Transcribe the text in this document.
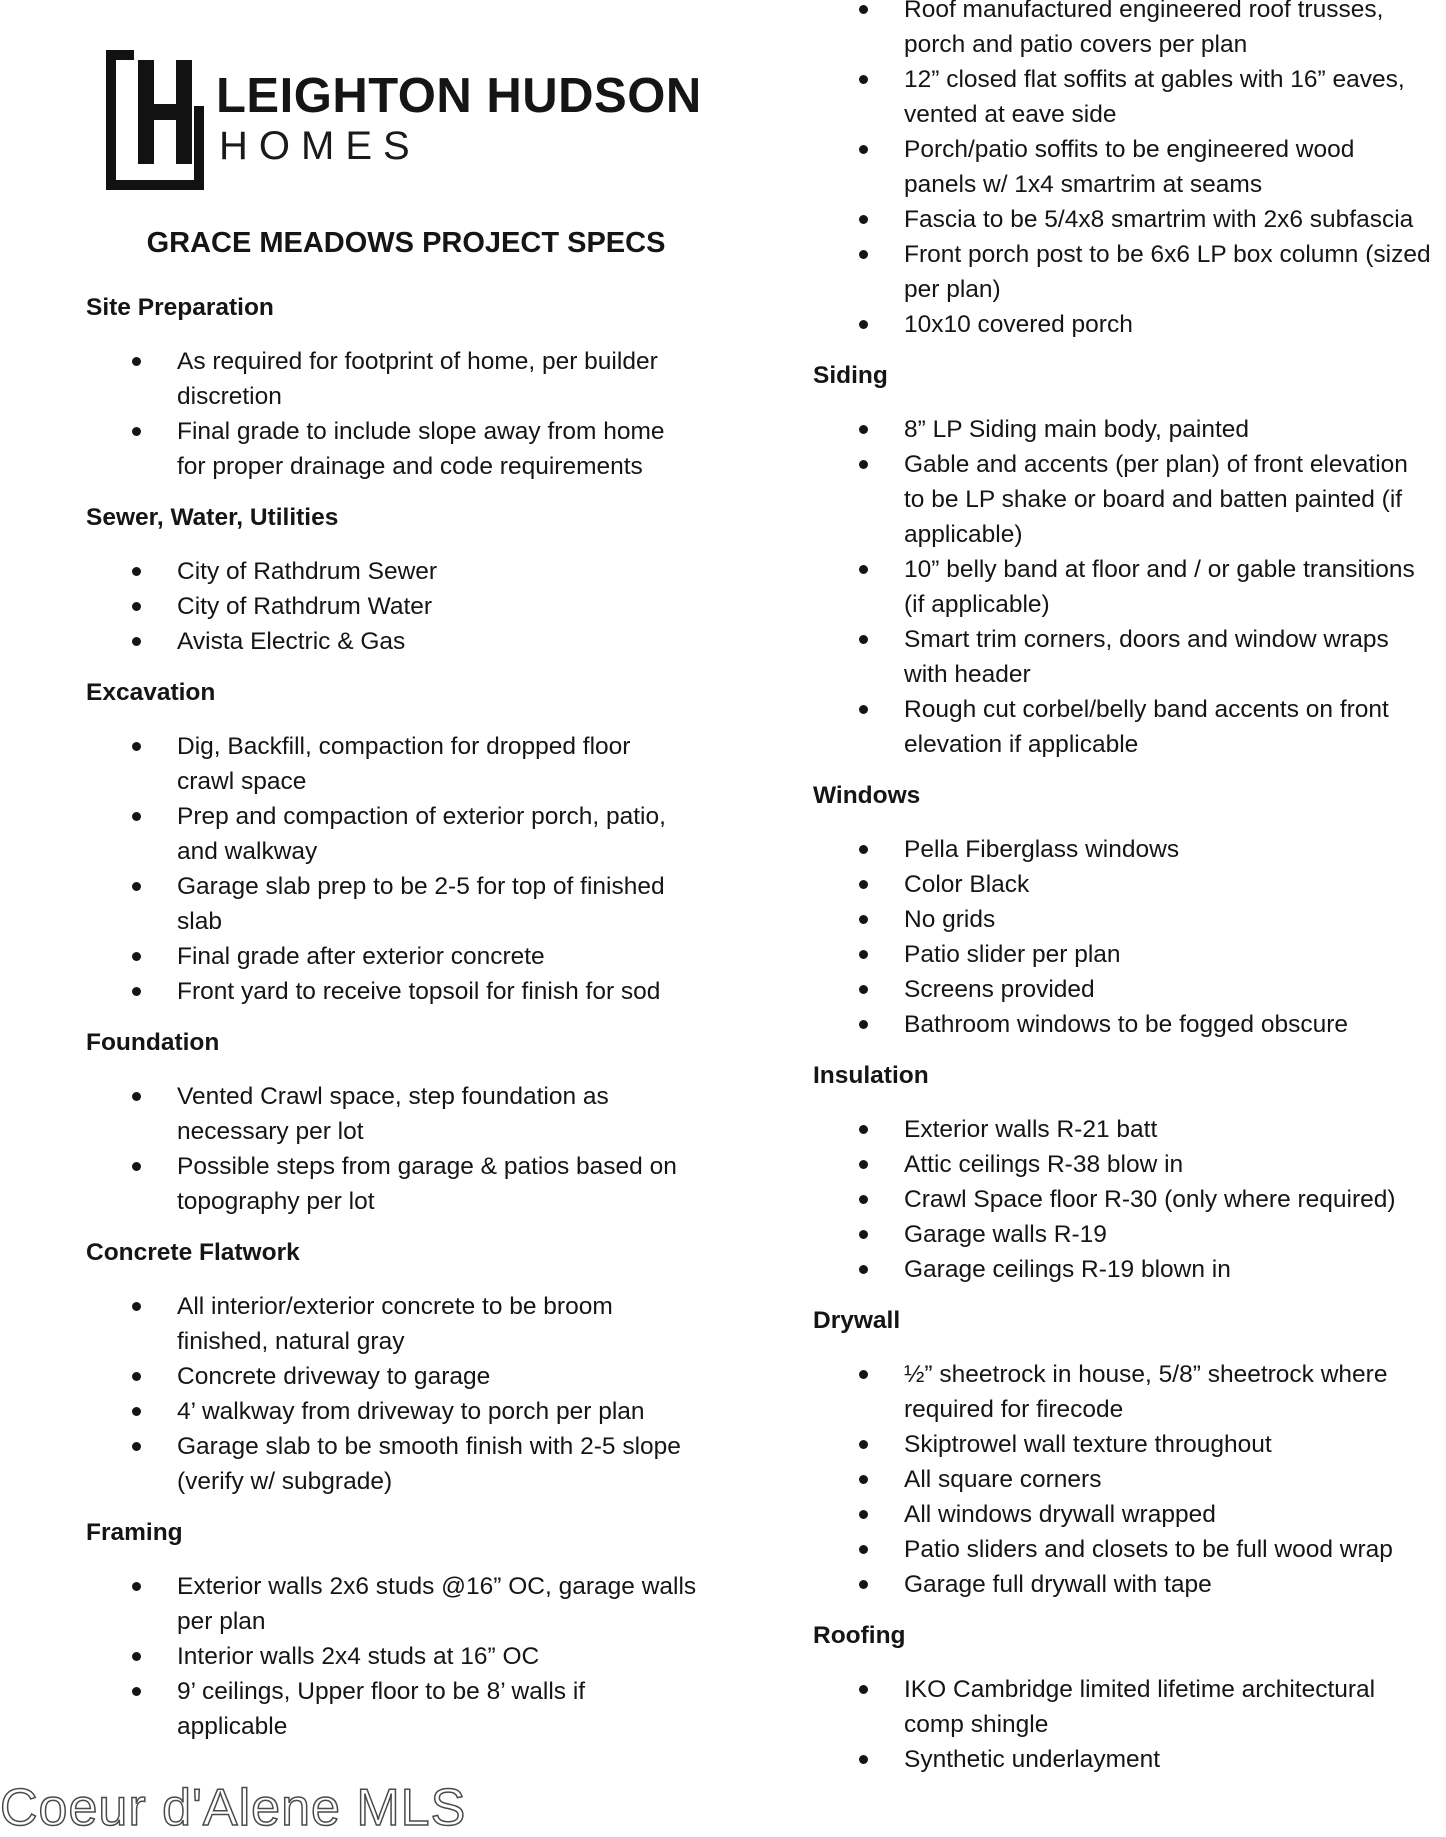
LEIGHTON HUDSON
HOMES
GRACE MEADOWS PROJECT SPECS
Site Preparation
As required for footprint of home, per builder
discretion
Final grade to include slope away from home
for proper drainage and code requirements
Sewer, Water, Utilities
City of Rathdrum Sewer
City of Rathdrum Water
Avista Electric & Gas
Excavation
Dig, Backfill, compaction for dropped floor
crawl space
Prep and compaction of exterior porch, patio,
and walkway
Garage slab prep to be 2-5 for top of finished
slab
Final grade after exterior concrete
Front yard to receive topsoil for finish for sod
Foundation
Vented Crawl space, step foundation as
necessary per lot
Possible steps from garage & patios based on
topography per lot
Concrete Flatwork
All interior/exterior concrete to be broom
finished, natural gray
Concrete driveway to garage
4’ walkway from driveway to porch per plan
Garage slab to be smooth finish with 2-5 slope
(verify w/ subgrade)
Framing
Exterior walls 2x6 studs @16” OC, garage walls
per plan
Interior walls 2x4 studs at 16” OC
9’ ceilings, Upper floor to be 8’ walls if
applicable
Roof manufactured engineered roof trusses,
porch and patio covers per plan
12” closed flat soffits at gables with 16” eaves,
vented at eave side
Porch/patio soffits to be engineered wood
panels w/ 1x4 smartrim at seams
Fascia to be 5/4x8 smartrim with 2x6 subfascia
Front porch post to be 6x6 LP box column (sized
per plan)
10x10 covered porch
Siding
8” LP Siding main body, painted
Gable and accents (per plan) of front elevation
to be LP shake or board and batten painted (if
applicable)
10” belly band at floor and / or gable transitions
(if applicable)
Smart trim corners, doors and window wraps
with header
Rough cut corbel/belly band accents on front
elevation if applicable
Windows
Pella Fiberglass windows
Color Black
No grids
Patio slider per plan
Screens provided
Bathroom windows to be fogged obscure
Insulation
Exterior walls R-21 batt
Attic ceilings R-38 blow in
Crawl Space floor R-30 (only where required)
Garage walls R-19
Garage ceilings R-19 blown in
Drywall
½” sheetrock in house, 5/8” sheetrock where
required for firecode
Skiptrowel wall texture throughout
All square corners
All windows drywall wrapped
Patio sliders and closets to be full wood wrap
Garage full drywall with tape
Roofing
IKO Cambridge limited lifetime architectural
comp shingle
Synthetic underlayment
Coeur d'Alene MLS
